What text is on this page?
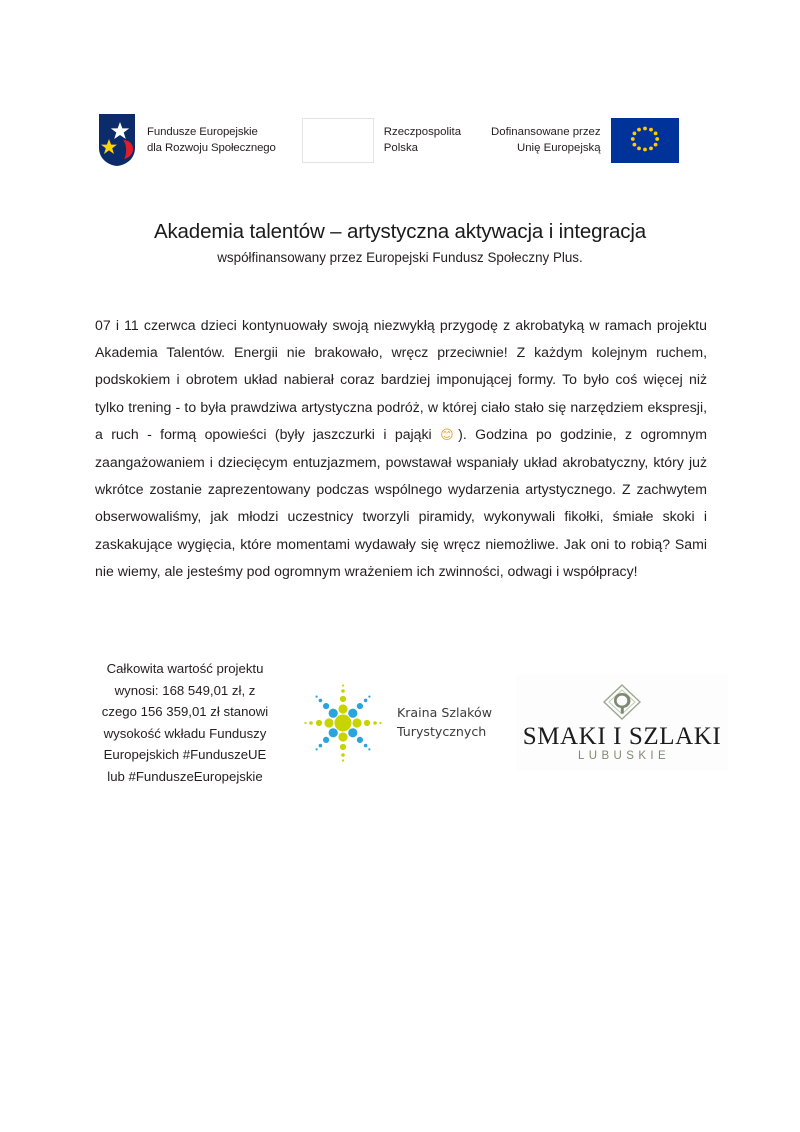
Fundusze Europejskie
dla Rozwoju Społecznego
Rzeczpospolita
Polska
Dofinansowane przez
Unię Europejską
Akademia talentów – artystyczna aktywacja i integracja
współfinansowany przez Europejski Fundusz Społeczny Plus.
07 i 11 czerwca dzieci kontynuowały swoją niezwykłą przygodę z akrobatyką w ramach projektu Akademia Talentów. Energii nie brakowało, wręcz przeciwnie! Z każdym kolejnym ruchem, podskokiem i obrotem układ nabierał coraz bardziej imponującej formy. To było coś więcej niż tylko trening - to była prawdziwa artystyczna podróż, w której ciało stało się narzędziem ekspresji, a ruch - formą opowieści (były jaszczurki i pająki 😊). Godzina po godzinie, z ogromnym zaangażowaniem i dziecięcym entuzjazmem, powstawał wspaniały układ akrobatyczny, który już wkrótce zostanie zaprezentowany podczas wspólnego wydarzenia artystycznego. Z zachwytem obserwowaliśmy, jak młodzi uczestnicy tworzyli piramidy, wykonywali fikołki, śmiałe skoki i zaskakujące wygięcia, które momentami wydawały się wręcz niemożliwe. Jak oni to robią? Sami nie wiemy, ale jesteśmy pod ogromnym wrażeniem ich zwinności, odwagi i współpracy!
Całkowita wartość projektu wynosi: 168 549,01 zł, z czego 156 359,01 zł stanowi wysokość wkładu Funduszy Europejskich #FunduszeUE lub #FunduszeEuropejskie
Kraina Szlaków
Turystycznych SMAKI I SZLAKI
LUBUSKIE
